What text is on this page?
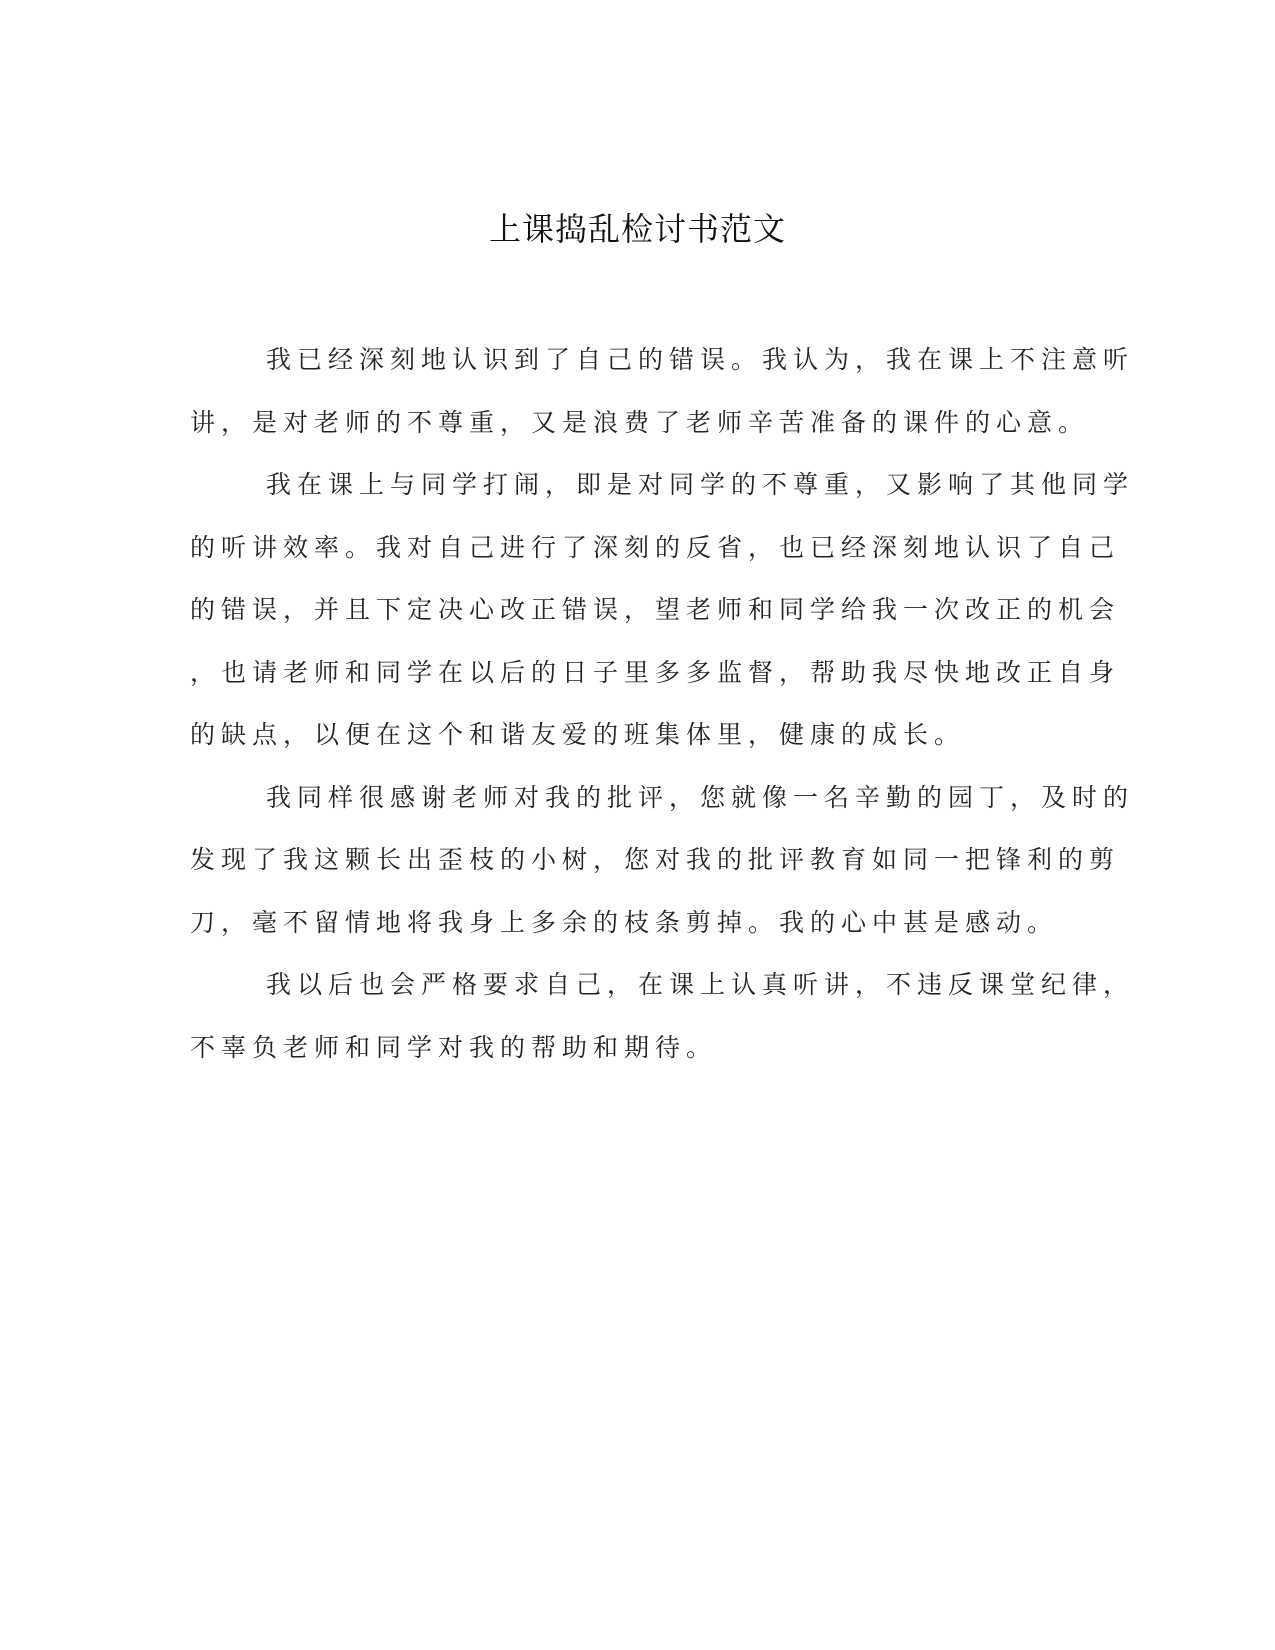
上课捣乱检讨书范文

我已经深刻地认识到了自己的错误。我认为，我在课上不注意听
讲，是对老师的不尊重，又是浪费了老师辛苦准备的课件的心意。

我在课上与同学打闹，即是对同学的不尊重，又影响了其他同学
的听讲效率。我对自己进行了深刻的反省，也已经深刻地认识了自己
的错误，并且下定决心改正错误，望老师和同学给我一次改正的机会
，也请老师和同学在以后的日子里多多监督，帮助我尽快地改正自身
的缺点，以便在这个和谐友爱的班集体里，健康的成长。

我同样很感谢老师对我的批评，您就像一名辛勤的园丁，及时的
发现了我这颗长出歪枝的小树，您对我的批评教育如同一把锋利的剪
刀，毫不留情地将我身上多余的枝条剪掉。我的心中甚是感动。

我以后也会严格要求自己，在课上认真听讲，不违反课堂纪律，
不辜负老师和同学对我的帮助和期待。
